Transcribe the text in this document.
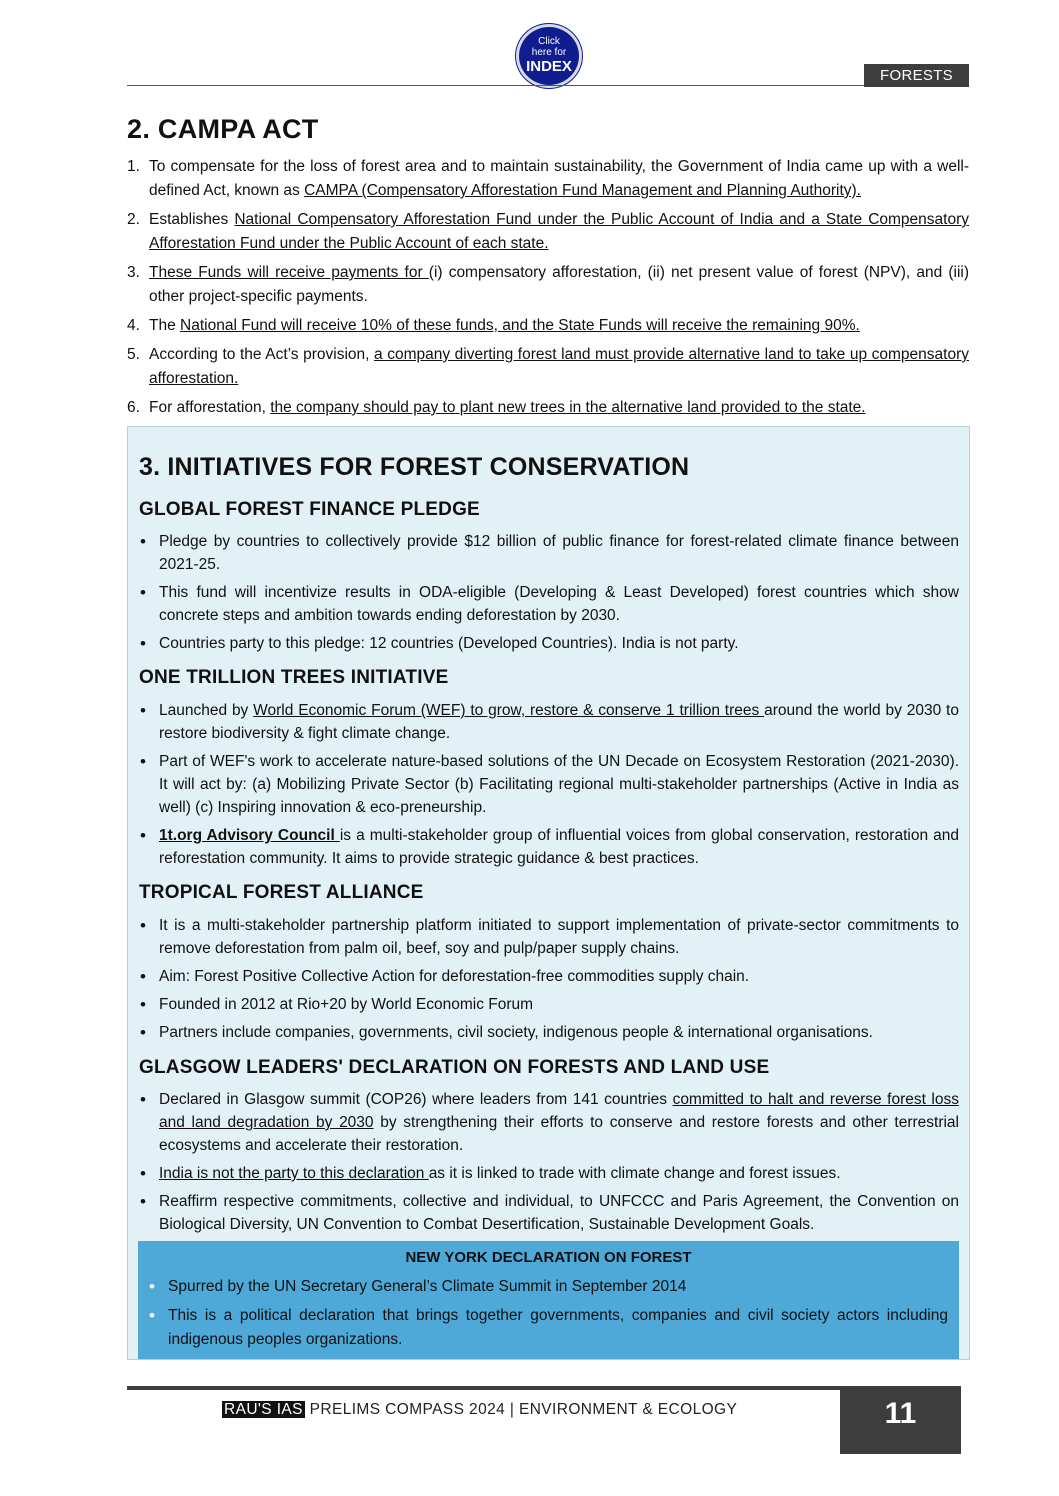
Click
here for
INDEX
FORESTS
2. CAMPA ACT
1. To compensate for the loss of forest area and to maintain sustainability, the Government of India came up with a well-defined Act, known as CAMPA (Compensatory Afforestation Fund Management and Planning Authority).
2. Establishes National Compensatory Afforestation Fund under the Public Account of India and a State Compensatory Afforestation Fund under the Public Account of each state.
3. These Funds will receive payments for (i) compensatory afforestation, (ii) net present value of forest (NPV), and (iii) other project-specific payments.
4. The National Fund will receive 10% of these funds, and the State Funds will receive the remaining 90%.
5. According to the Act’s provision, a company diverting forest land must provide alternative land to take up compensatory afforestation.
6. For afforestation, the company should pay to plant new trees in the alternative land provided to the state.
3. INITIATIVES FOR FOREST CONSERVATION
GLOBAL FOREST FINANCE PLEDGE
• Pledge by countries to collectively provide $12 billion of public finance for forest-related climate finance between 2021-25.
• This fund will incentivize results in ODA-eligible (Developing & Least Developed) forest countries which show concrete steps and ambition towards ending deforestation by 2030.
• Countries party to this pledge: 12 countries (Developed Countries). India is not party.
ONE TRILLION TREES INITIATIVE
• Launched by World Economic Forum (WEF) to grow, restore & conserve 1 trillion trees around the world by 2030 to restore biodiversity & fight climate change.
• Part of WEF's work to accelerate nature-based solutions of the UN Decade on Ecosystem Restoration (2021-2030). It will act by: (a) Mobilizing Private Sector (b) Facilitating regional multi-stakeholder partnerships (Active in India as well) (c) Inspiring innovation & eco-preneurship.
• 1t.org Advisory Council is a multi-stakeholder group of influential voices from global conservation, restoration and reforestation community. It aims to provide strategic guidance & best practices.
TROPICAL FOREST ALLIANCE
• It is a multi-stakeholder partnership platform initiated to support implementation of private-sector commitments to remove deforestation from palm oil, beef, soy and pulp/paper supply chains.
• Aim: Forest Positive Collective Action for deforestation-free commodities supply chain.
• Founded in 2012 at Rio+20 by World Economic Forum
• Partners include companies, governments, civil society, indigenous people & international organisations.
GLASGOW LEADERS' DECLARATION ON FORESTS AND LAND USE
• Declared in Glasgow summit (COP26) where leaders from 141 countries committed to halt and reverse forest loss and land degradation by 2030 by strengthening their efforts to conserve and restore forests and other terrestrial ecosystems and accelerate their restoration.
• India is not the party to this declaration as it is linked to trade with climate change and forest issues.
• Reaffirm respective commitments, collective and individual, to UNFCCC and Paris Agreement, the Convention on Biological Diversity, UN Convention to Combat Desertification, Sustainable Development Goals.
NEW YORK DECLARATION ON FOREST
• Spurred by the UN Secretary General’s Climate Summit in September 2014
• This is a political declaration that brings together governments, companies and civil society actors including indigenous peoples organizations.
RAU'S IAS PRELIMS COMPASS 2024 | ENVIRONMENT & ECOLOGY	11
